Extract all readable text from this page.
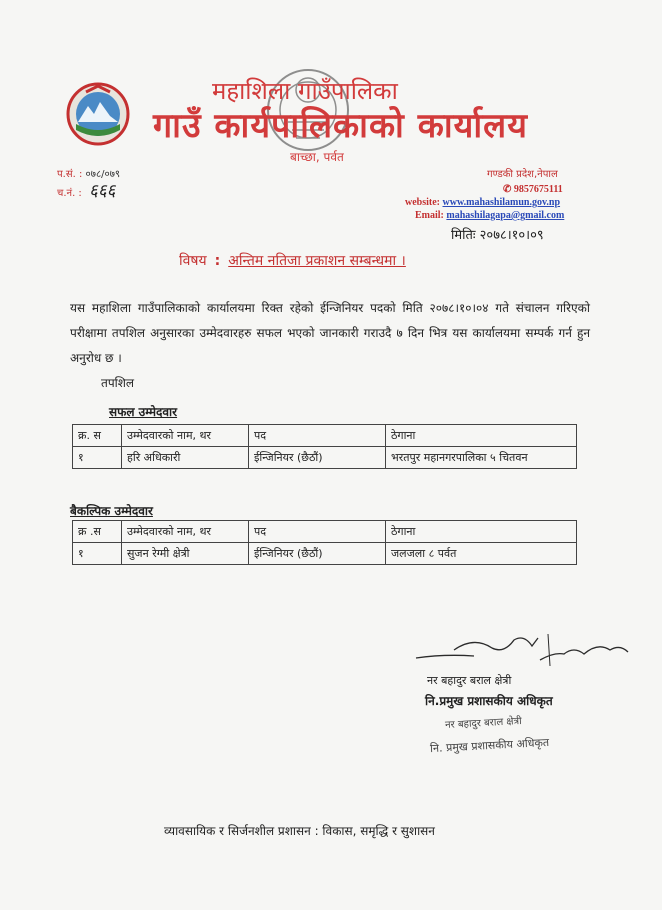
महाशिला गाउँपालिका
गाउँ कार्यपालिकाको कार्यालय
बाच्छा, पर्वत
प.सं. : ०७८/०७९
च.नं. : ६६६
गण्डकी प्रदेश,नेपाल
✆ 9857675111
website: www.mahashilamun.gov.np
Email: mahashilagapa@gmail.com
मितिः २०७८।१०।०९
विषय : अन्तिम नतिजा प्रकाशन सम्बन्धमा ।
यस महाशिला गाउँपालिकाको कार्यालयमा रिक्त रहेको ईन्जिनियर पदको मिति २०७८।१०।०४ गते संचालन गरिएको परीक्षामा तपशिल अनुसारका उम्मेदवारहरु सफल भएको जानकारी गराउदै ७ दिन भित्र यस कार्यालयमा सम्पर्क गर्न हुन अनुरोध छ ।
तपशिल
सफल उम्मेदवार
क्र. स	उम्मेदवारको नाम, थर	पद	ठेगाना
१	हरि अधिकारी	ईन्जिनियर (छैठौं)	भरतपुर महानगरपालिका ५ चितवन
बैकल्पिक उम्मेदवार
क्र .स	उम्मेदवारको नाम, थर	पद	ठेगाना
१	सुजन रेग्मी क्षेत्री	ईन्जिनियर (छैठौं)	जलजला ८ पर्वत
नर बहादुर बराल क्षेत्री
नि.प्रमुख प्रशासकीय अधिकृत
नर बहादुर बराल क्षेत्री
नि. प्रमुख प्रशासकीय अधिकृत
व्यावसायिक र सिर्जनशील प्रशासन : विकास, समृद्धि र सुशासन
